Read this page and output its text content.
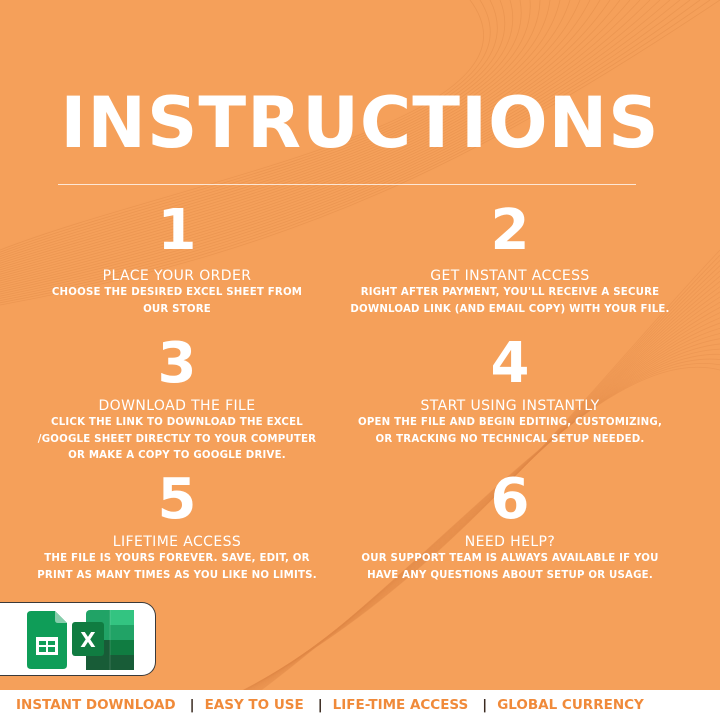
INSTRUCTIONS
1
PLACE YOUR ORDER
CHOOSE THE DESIRED EXCEL SHEET FROM
OUR STORE
2
GET INSTANT ACCESS
RIGHT AFTER PAYMENT, YOU'LL RECEIVE A SECURE
DOWNLOAD LINK (AND EMAIL COPY) WITH YOUR FILE.
3
DOWNLOAD THE FILE
CLICK THE LINK TO DOWNLOAD THE EXCEL
/GOOGLE SHEET DIRECTLY TO YOUR COMPUTER
OR MAKE A COPY TO GOOGLE DRIVE.
4
START USING INSTANTLY
OPEN THE FILE AND BEGIN EDITING, CUSTOMIZING,
OR TRACKING NO TECHNICAL SETUP NEEDED.
5
LIFETIME ACCESS
THE FILE IS YOURS FOREVER. SAVE, EDIT, OR
PRINT AS MANY TIMES AS YOU LIKE NO LIMITS.
6
NEED HELP?
OUR SUPPORT TEAM IS ALWAYS AVAILABLE IF YOU
HAVE ANY QUESTIONS ABOUT SETUP OR USAGE.
X
INSTANT DOWNLOAD | EASY TO USE | LIFE-TIME ACCESS | GLOBAL CURRENCY
